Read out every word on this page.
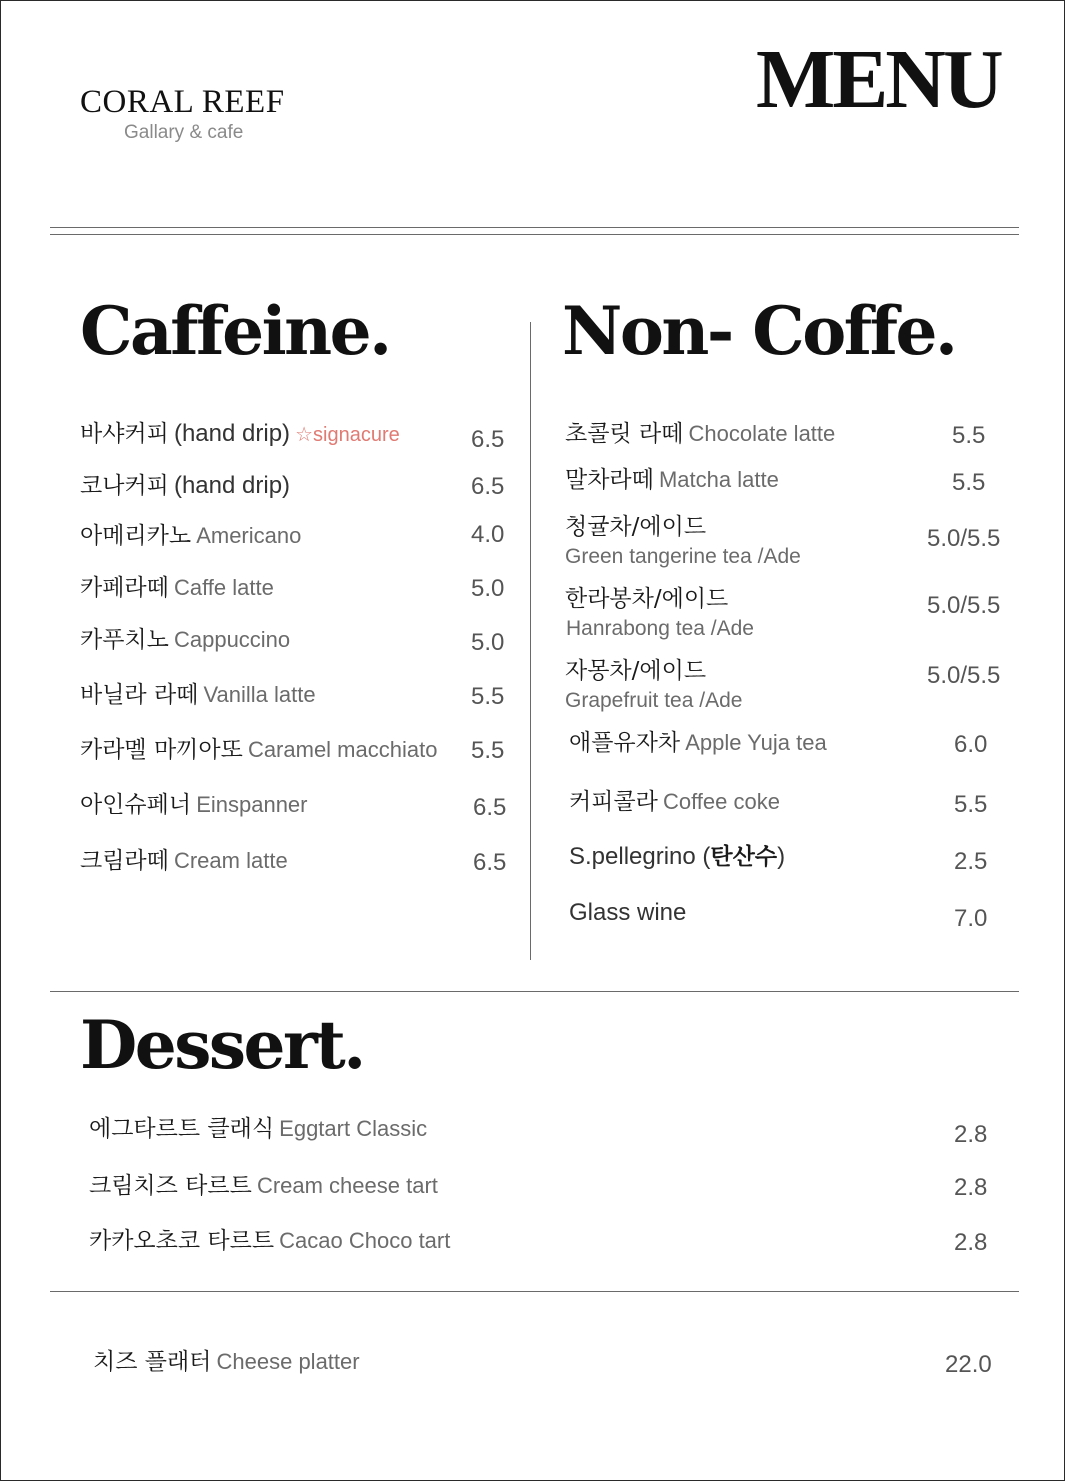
CORAL REEF
Gallary & cafe
MENU
Caffeine.
바샤커피 (hand drip) ☆signacure	6.5
코나커피 (hand drip)	6.5
아메리카노 Americano	4.0
카페라떼 Caffe latte	5.0
카푸치노 Cappuccino	5.0
바닐라 라떼 Vanilla latte	5.5
카라멜 마끼아또 Caramel macchiato 5.5
아인슈페너 Einspanner	6.5
크림라떼 Cream latte	6.5
Non- Coffe.
초콜릿 라떼 Chocolate latte	5.5
말차라떼 Matcha latte	5.5
청귤차/에이드
Green tangerine tea /Ade
5.0/5.5
한라봉차/에이드
Hanrabong tea /Ade
5.0/5.5
자몽차/에이드
Grapefruit tea /Ade
5.0/5.5
애플유자차 Apple Yuja tea	6.0
커피콜라 Coffee coke	5.5
S.pellegrino (탄산수)	2.5
Glass wine	7.0
Dessert.
에그타르트 클래식 Eggtart Classic	2.8
크림치즈 타르트 Cream cheese tart	2.8
카카오초코 타르트 Cacao Choco tart	2.8
치즈 플래터 Cheese platter	22.0
